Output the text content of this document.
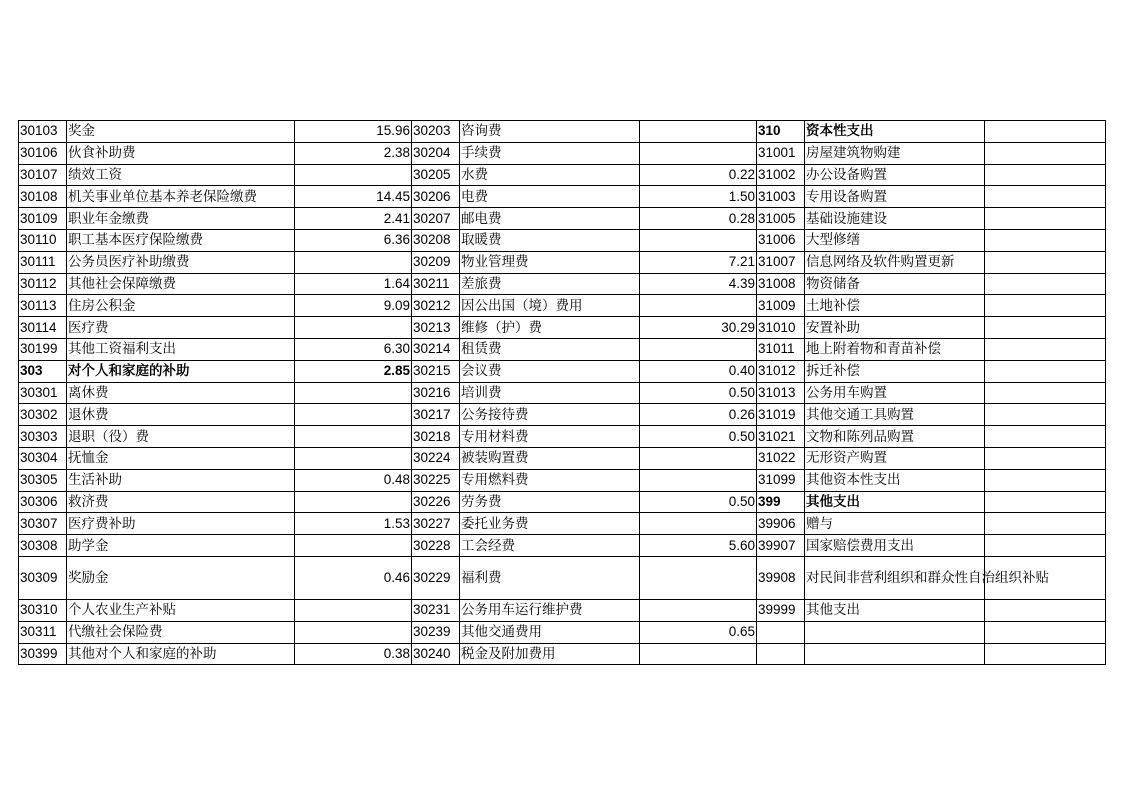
30103	奖金	15.96	30203	咨询费		310	资本性支出	
30106	伙食补助费	2.38	30204	手续费		31001	房屋建筑物购建	
30107	绩效工资		30205	水费	0.22	31002	办公设备购置	
30108	机关事业单位基本养老保险缴费	14.45	30206	电费	1.50	31003	专用设备购置	
30109	职业年金缴费	2.41	30207	邮电费	0.28	31005	基础设施建设	
30110	职工基本医疗保险缴费	6.36	30208	取暖费		31006	大型修缮	
30111	公务员医疗补助缴费		30209	物业管理费	7.21	31007	信息网络及软件购置更新	
30112	其他社会保障缴费	1.64	30211	差旅费	4.39	31008	物资储备	
30113	住房公积金	9.09	30212	因公出国（境）费用		31009	土地补偿	
30114	医疗费		30213	维修（护）费	30.29	31010	安置补助	
30199	其他工资福利支出	6.30	30214	租赁费		31011	地上附着物和青苗补偿	
303	对个人和家庭的补助	2.85	30215	会议费	0.40	31012	拆迁补偿	
30301	离休费		30216	培训费	0.50	31013	公务用车购置	
30302	退休费		30217	公务接待费	0.26	31019	其他交通工具购置	
30303	退职（役）费		30218	专用材料费	0.50	31021	文物和陈列品购置	
30304	抚恤金		30224	被装购置费		31022	无形资产购置	
30305	生活补助	0.48	30225	专用燃料费		31099	其他资本性支出	
30306	救济费		30226	劳务费	0.50	399	其他支出	
30307	医疗费补助	1.53	30227	委托业务费		39906	赠与	
30308	助学金		30228	工会经费	5.60	39907	国家赔偿费用支出	
30309	奖励金	0.46	30229	福利费		39908	对民间非营利组织和群众性自治组织补贴	
30310	个人农业生产补贴		30231	公务用车运行维护费		39999	其他支出	
30311	代缴社会保险费		30239	其他交通费用	0.65			
30399	其他对个人和家庭的补助	0.38	30240	税金及附加费用				
